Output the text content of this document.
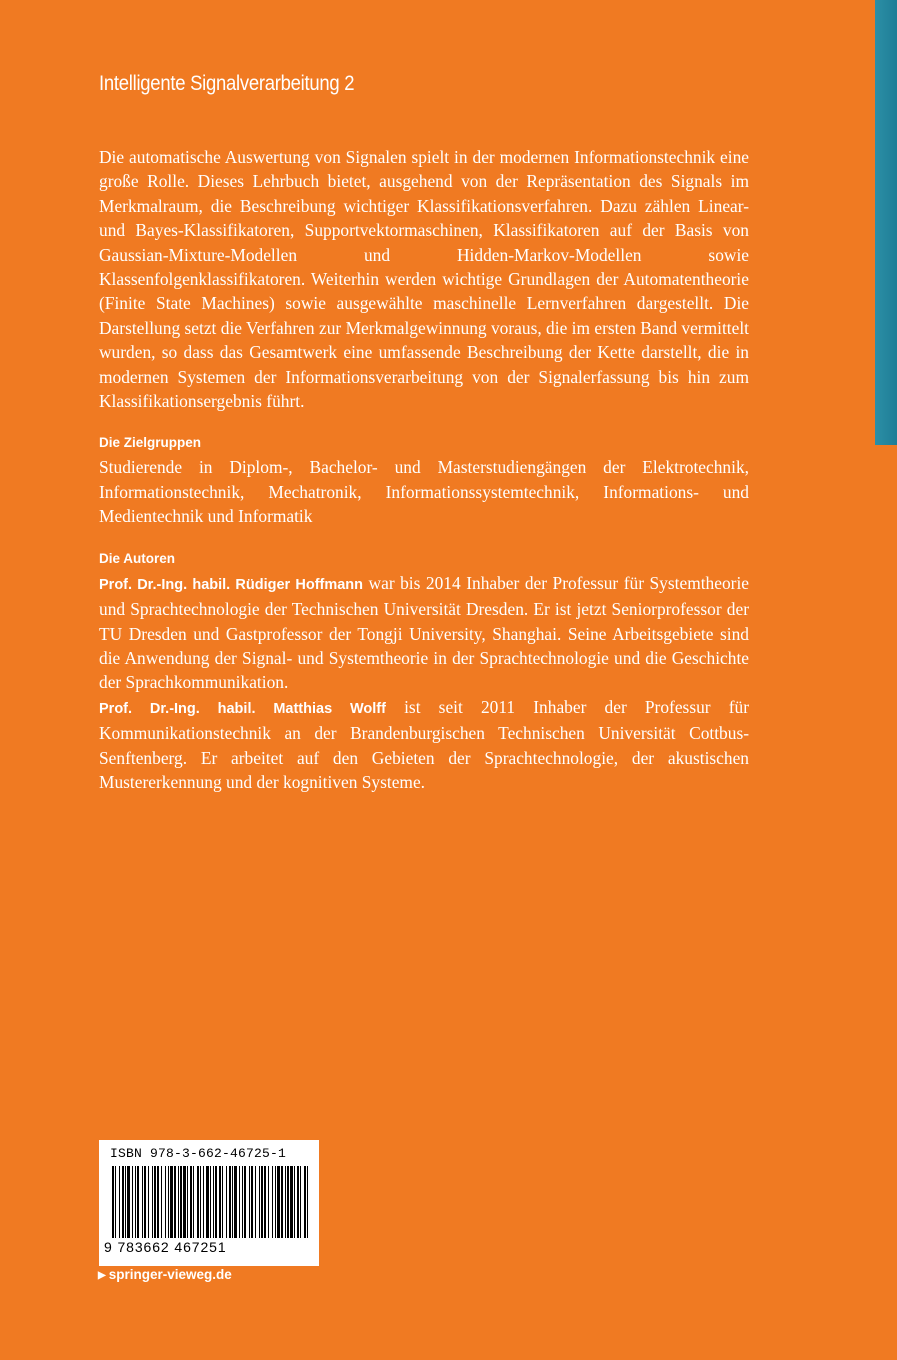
Intelligente Signalverarbeitung 2

Die automatische Auswertung von Signalen spielt in der modernen Informationstechnik eine große Rolle. Dieses Lehrbuch bietet, ausgehend von der Repräsentation des Signals im Merkmalraum, die Beschreibung wichtiger Klassifikationsverfahren. Dazu zählen Linear- und Bayes-Klassifikatoren, Supportvektormaschinen, Klassifikatoren auf der Basis von Gaussian-Mixture-Modellen und Hidden-Markov-Modellen sowie Klassenfolgenklassifikatoren. Weiterhin werden wichtige Grundlagen der Automatentheorie (Finite State Machines) sowie ausgewählte maschinelle Lernverfahren dargestellt. Die Darstellung setzt die Verfahren zur Merkmalgewinnung voraus, die im ersten Band vermittelt wurden, so dass das Gesamtwerk eine umfassende Beschreibung der Kette darstellt, die in modernen Systemen der Informationsverarbeitung von der Signalerfassung bis hin zum Klassifikationsergebnis führt.

Die Zielgruppen

Studierende in Diplom-, Bachelor- und Masterstudiengängen der Elektrotechnik, Informationstechnik, Mechatronik, Informationssystemtechnik, Informations- und Medientechnik und Informatik

Die Autoren

Prof. Dr.-Ing. habil. Rüdiger Hoffmann war bis 2014 Inhaber der Professur für Systemtheorie und Sprachtechnologie der Technischen Universität Dresden. Er ist jetzt Seniorprofessor der TU Dresden und Gastprofessor der Tongji University, Shanghai. Seine Arbeitsgebiete sind die Anwendung der Signal- und Systemtheorie in der Sprachtechnologie und die Geschichte der Sprachkommunikation.

Prof. Dr.-Ing. habil. Matthias Wolff ist seit 2011 Inhaber der Professur für Kommunikationstechnik an der Brandenburgischen Technischen Universität Cottbus-Senftenberg. Er arbeitet auf den Gebieten der Sprachtechnologie, der akustischen Mustererkennung und der kognitiven Systeme.

ISBN 978-3-662-46725-1
9 783662 467251
▶ springer-vieweg.de
